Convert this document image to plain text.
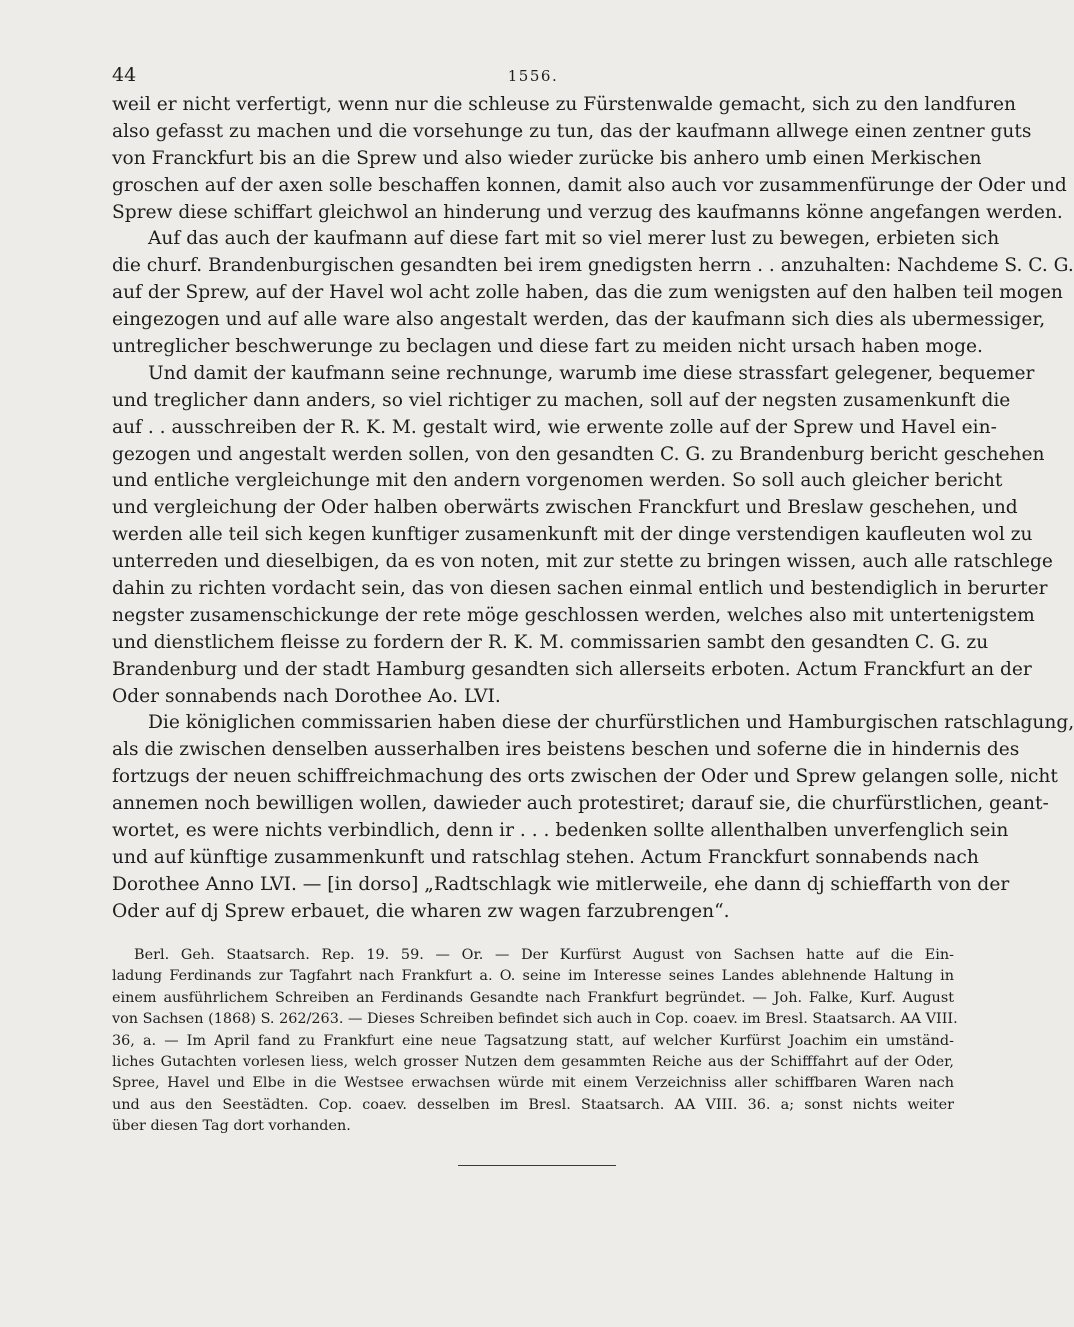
44	1556.
weil er nicht verfertigt, wenn nur die schleuse zu Fürstenwalde gemacht, sich zu den landfuren
also gefasst zu machen und die vorsehunge zu tun, das der kaufmann allwege einen zentner guts
von Franckfurt bis an die Sprew und also wieder zurücke bis anhero umb einen Merkischen
groschen auf der axen solle beschaffen konnen, damit also auch vor zusammenfürunge der Oder und
Sprew diese schiffart gleichwol an hinderung und verzug des kaufmanns könne angefangen werden.
Auf das auch der kaufmann auf diese fart mit so viel merer lust zu bewegen, erbieten sich
die churf. Brandenburgischen gesandten bei irem gnedigsten herrn . . anzuhalten: Nachdeme S. C. G.
auf der Sprew, auf der Havel wol acht zolle haben, das die zum wenigsten auf den halben teil mogen
eingezogen und auf alle ware also angestalt werden, das der kaufmann sich dies als ubermessiger,
untreglicher beschwerunge zu beclagen und diese fart zu meiden nicht ursach haben moge.
Und damit der kaufmann seine rechnunge, warumb ime diese strassfart gelegener, bequemer
und treglicher dann anders, so viel richtiger zu machen, soll auf der negsten zusamenkunft die
auf . . ausschreiben der R. K. M. gestalt wird, wie erwente zolle auf der Sprew und Havel ein-
gezogen und angestalt werden sollen, von den gesandten C. G. zu Brandenburg bericht geschehen
und entliche vergleichunge mit den andern vorgenomen werden. So soll auch gleicher bericht
und vergleichung der Oder halben oberwärts zwischen Franckfurt und Breslaw geschehen, und
werden alle teil sich kegen kunftiger zusamenkunft mit der dinge verstendigen kaufleuten wol zu
unterreden und dieselbigen, da es von noten, mit zur stette zu bringen wissen, auch alle ratschlege
dahin zu richten vordacht sein, das von diesen sachen einmal entlich und bestendiglich in berurter
negster zusamenschickunge der rete möge geschlossen werden, welches also mit untertenigstem
und dienstlichem fleisse zu fordern der R. K. M. commissarien sambt den gesandten C. G. zu
Brandenburg und der stadt Hamburg gesandten sich allerseits erboten. Actum Franckfurt an der
Oder sonnabends nach Dorothee Ao. LVI.
Die königlichen commissarien haben diese der churfürstlichen und Hamburgischen ratschlagung,
als die zwischen denselben ausserhalben ires beistens beschen und soferne die in hindernis des
fortzugs der neuen schiffreichmachung des orts zwischen der Oder und Sprew gelangen solle, nicht
annemen noch bewilligen wollen, dawieder auch protestiret; darauf sie, die churfürstlichen, geant-
wortet, es were nichts verbindlich, denn ir . . . bedenken sollte allenthalben unverfenglich sein
und auf künftige zusammenkunft und ratschlag stehen. Actum Franckfurt sonnabends nach
Dorothee Anno LVI. — [in dorso] „Radtschlagk wie mitlerweile, ehe dann dj schieffarth von der
Oder auf dj Sprew erbauet, die wharen zw wagen farzubrengen“.
Berl. Geh. Staatsarch. Rep. 19. 59. — Or. — Der Kurfürst August von Sachsen hatte auf die Ein-
ladung Ferdinands zur Tagfahrt nach Frankfurt a. O. seine im Interesse seines Landes ablehnende Haltung in
einem ausführlichem Schreiben an Ferdinands Gesandte nach Frankfurt begründet. — Joh. Falke, Kurf. August
von Sachsen (1868) S. 262/263. — Dieses Schreiben befindet sich auch in Cop. coaev. im Bresl. Staatsarch. AA VIII.
36, a. — Im April fand zu Frankfurt eine neue Tagsatzung statt, auf welcher Kurfürst Joachim ein umständ-
liches Gutachten vorlesen liess, welch grosser Nutzen dem gesammten Reiche aus der Schifffahrt auf der Oder,
Spree, Havel und Elbe in die Westsee erwachsen würde mit einem Verzeichniss aller schiffbaren Waren nach
und aus den Seestädten. Cop. coaev. desselben im Bresl. Staatsarch. AA VIII. 36. a; sonst nichts weiter
über diesen Tag dort vorhanden.
